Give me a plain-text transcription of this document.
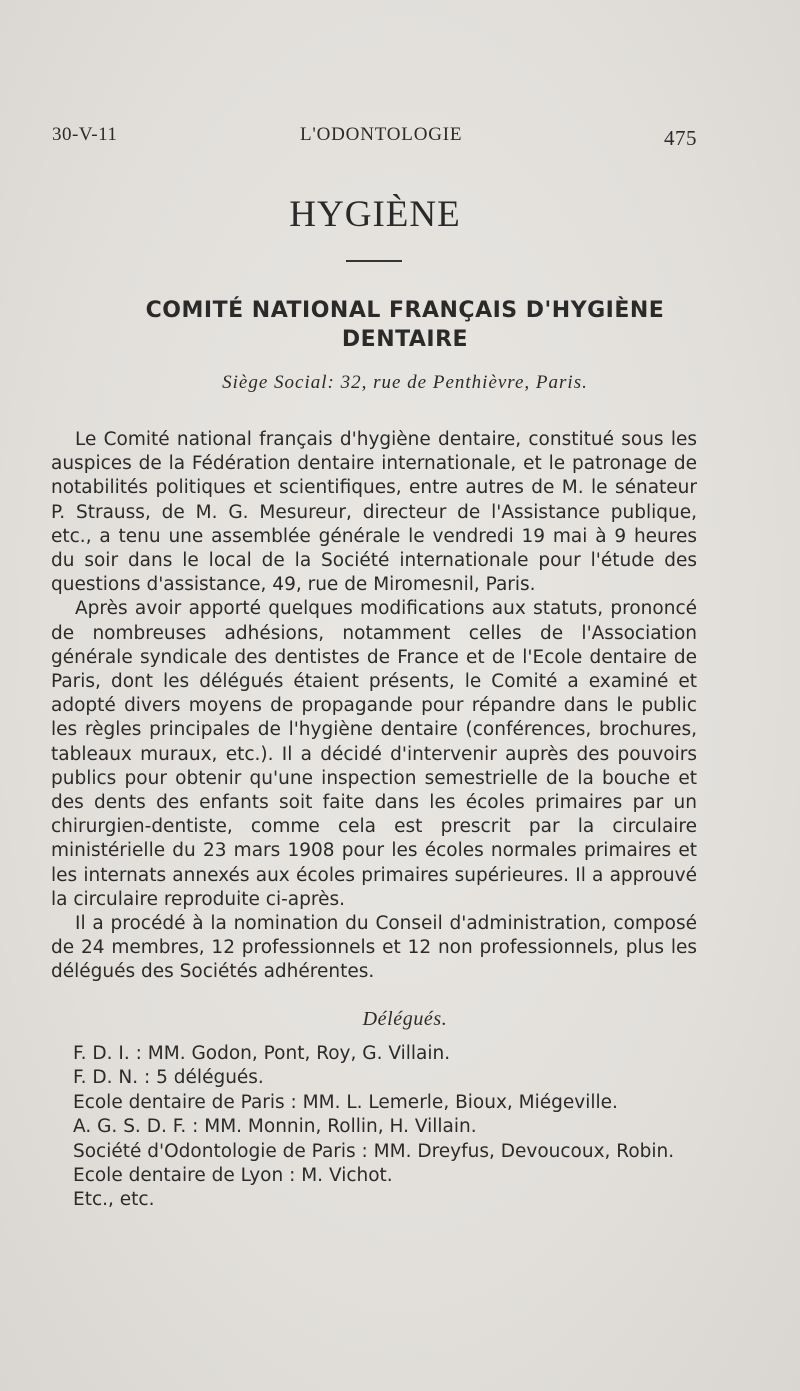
30-V-11	L'ODONTOLOGIE	475
HYGIÈNE
COMITÉ NATIONAL FRANÇAIS D'HYGIÈNE
DENTAIRE
Siège Social: 32, rue de Penthièvre, Paris.

Le Comité national français d'hygiène dentaire, constitué sous les auspices de la Fédération dentaire internationale, et le patronage de notabilités politiques et scientifiques, entre autres de M. le sénateur P. Strauss, de M. G. Mesureur, directeur de l'Assistance publique, etc., a tenu une assemblée générale le vendredi 19 mai à 9 heures du soir dans le local de la Société internationale pour l'étude des questions d'assistance, 49, rue de Miromesnil, Paris.

Après avoir apporté quelques modifications aux statuts, prononcé de nombreuses adhésions, notamment celles de l'Association générale syndicale des dentistes de France et de l'Ecole dentaire de Paris, dont les délégués étaient présents, le Comité a examiné et adopté divers moyens de propagande pour répandre dans le public les règles principales de l'hygiène dentaire (conférences, brochures, tableaux muraux, etc.). Il a décidé d'intervenir auprès des pouvoirs publics pour obtenir qu'une inspection semestrielle de la bouche et des dents des enfants soit faite dans les écoles primaires par un chirurgien-dentiste, comme cela est prescrit par la circulaire ministérielle du 23 mars 1908 pour les écoles normales primaires et les internats annexés aux écoles primaires supérieures. Il a approuvé la circulaire reproduite ci-après.

Il a procédé à la nomination du Conseil d'administration, composé de 24 membres, 12 professionnels et 12 non professionnels, plus les délégués des Sociétés adhérentes.

Délégués.
F. D. I. : MM. Godon, Pont, Roy, G. Villain.
F. D. N. : 5 délégués.
Ecole dentaire de Paris : MM. L. Lemerle, Bioux, Miégeville.
A. G. S. D. F. : MM. Monnin, Rollin, H. Villain.
Société d'Odontologie de Paris : MM. Dreyfus, Devoucoux, Robin.
Ecole dentaire de Lyon : M. Vichot.
Etc., etc.
